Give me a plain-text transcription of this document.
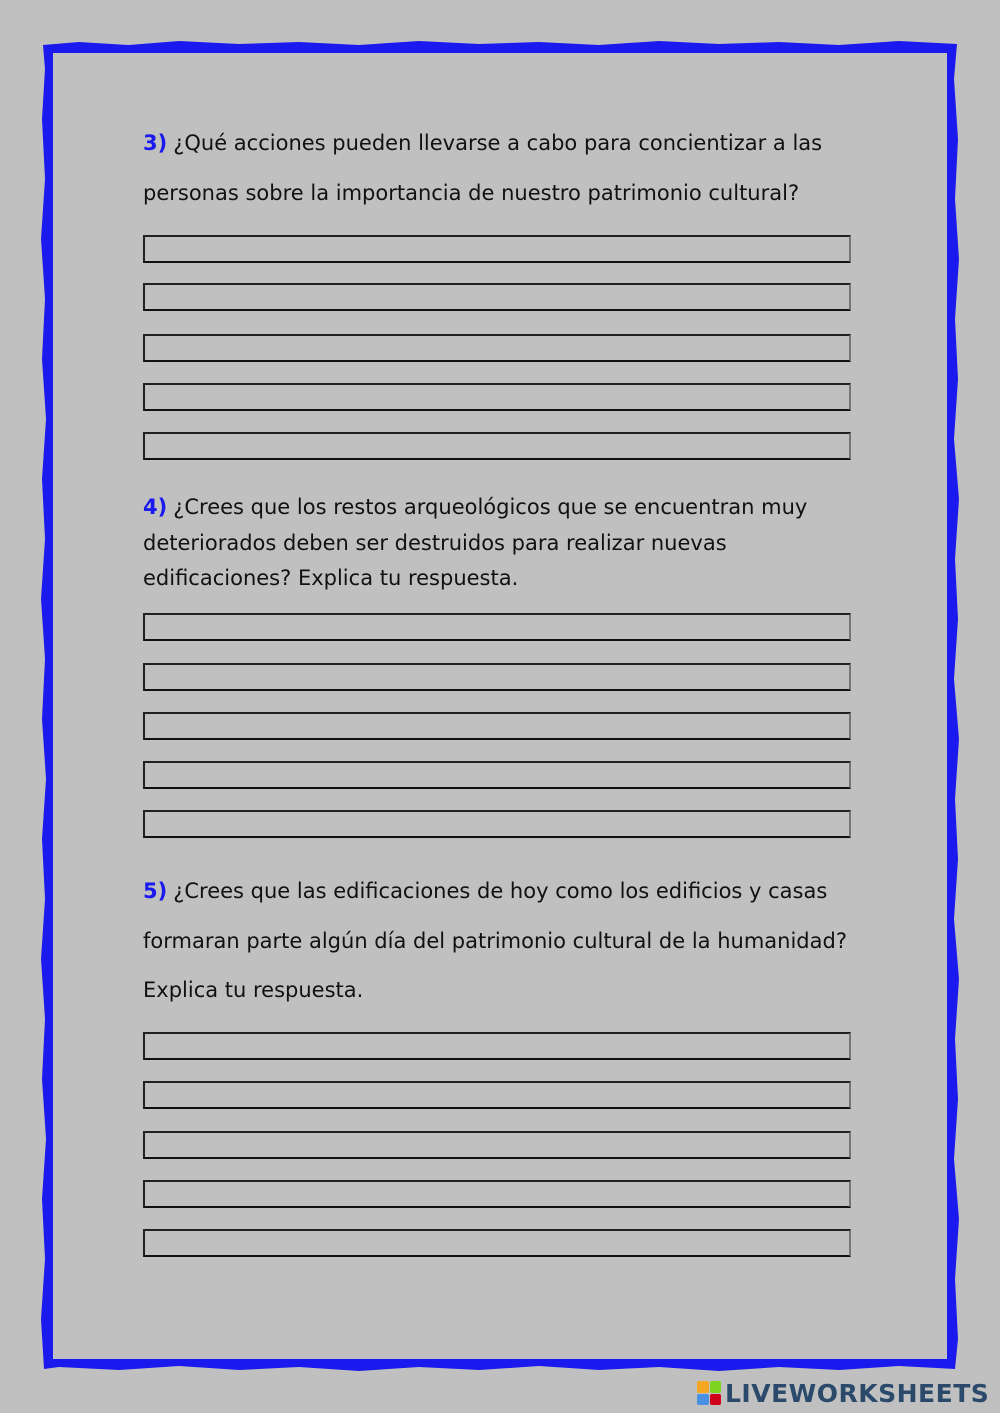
3) ¿Qué acciones pueden llevarse a cabo para concientizar a las personas sobre la importancia de nuestro patrimonio cultural?
4) ¿Crees que los restos arqueológicos que se encuentran muy deteriorados deben ser destruidos para realizar nuevas edificaciones? Explica tu respuesta.
5) ¿Crees que las edificaciones de hoy como los edificios y casas formaran parte algún día del patrimonio cultural de la humanidad? Explica tu respuesta.
LIVEWORKSHEETS
